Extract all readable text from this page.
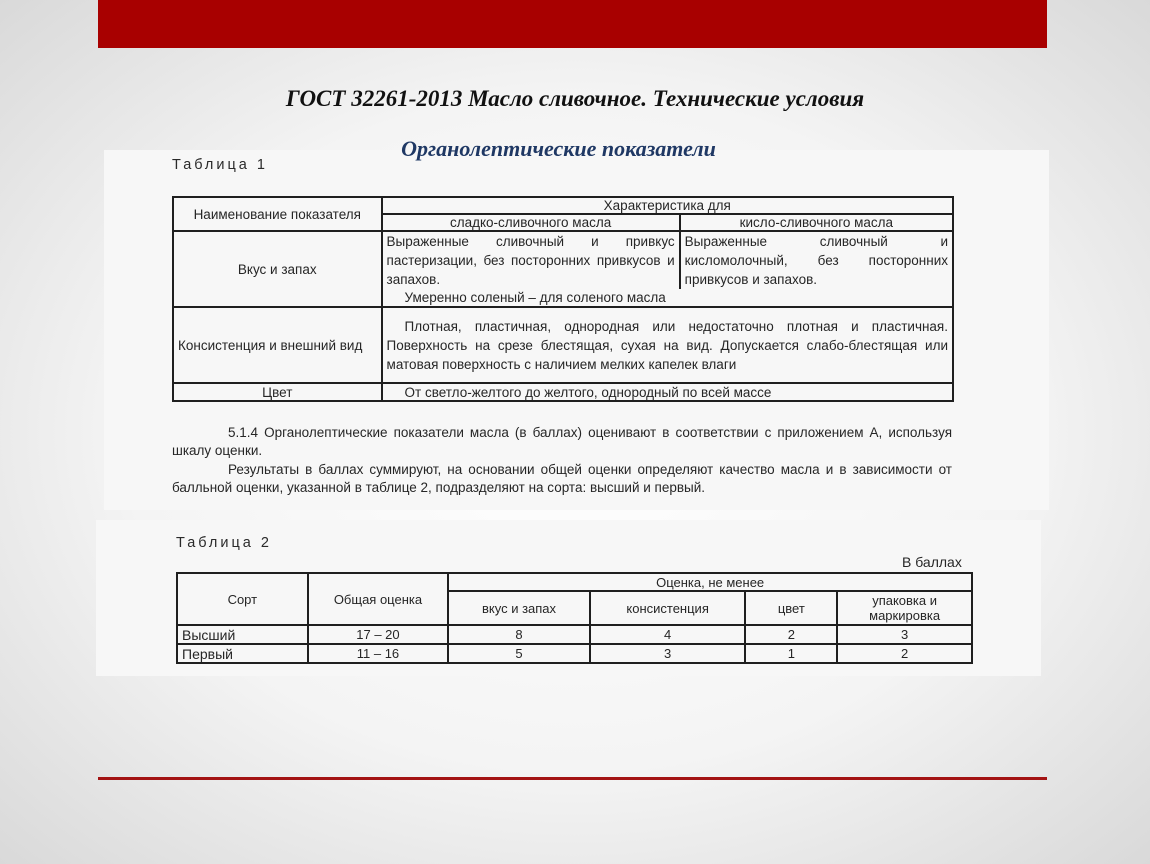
ГОСТ 32261-2013 Масло сливочное. Технические условия
Органолептические показатели
Таблица 1
Наименование показателя	Характеристика для	
	сладко-сливочного масла	кисло-сливочного масла
Вкус и запах	Выраженные сливочный и привкус пастеризации, без посторонних привкусов и запахов.	Выраженные сливочный и кисломолочный, без посторонних привкусов и запахов.
	Умеренно соленый – для соленого масла	
Консистенция и внешний вид	Плотная, пластичная, однородная или недостаточно плотная и пластичная. Поверхность на срезе блестящая, сухая на вид. Допускается слабо-блестящая или матовая поверхность с наличием мелких капелек влаги	
Цвет	От светло-желтого до желтого, однородный по всей массе	
5.1.4 Органолептические показатели масла (в баллах) оценивают в соответствии с приложением А, используя шкалу оценки.
Результаты в баллах суммируют, на основании общей оценки определяют качество масла и в зависимости от балльной оценки, указанной в таблице 2, подразделяют на сорта: высший и первый.
Таблица 2
В баллах
Сорт	Общая оценка	Оценка, не менее			
		вкус и запах	консистенция	цвет	упаковка и маркировка
Высший	17 – 20	8	4	2	3
Первый	11 – 16	5	3	1	2
